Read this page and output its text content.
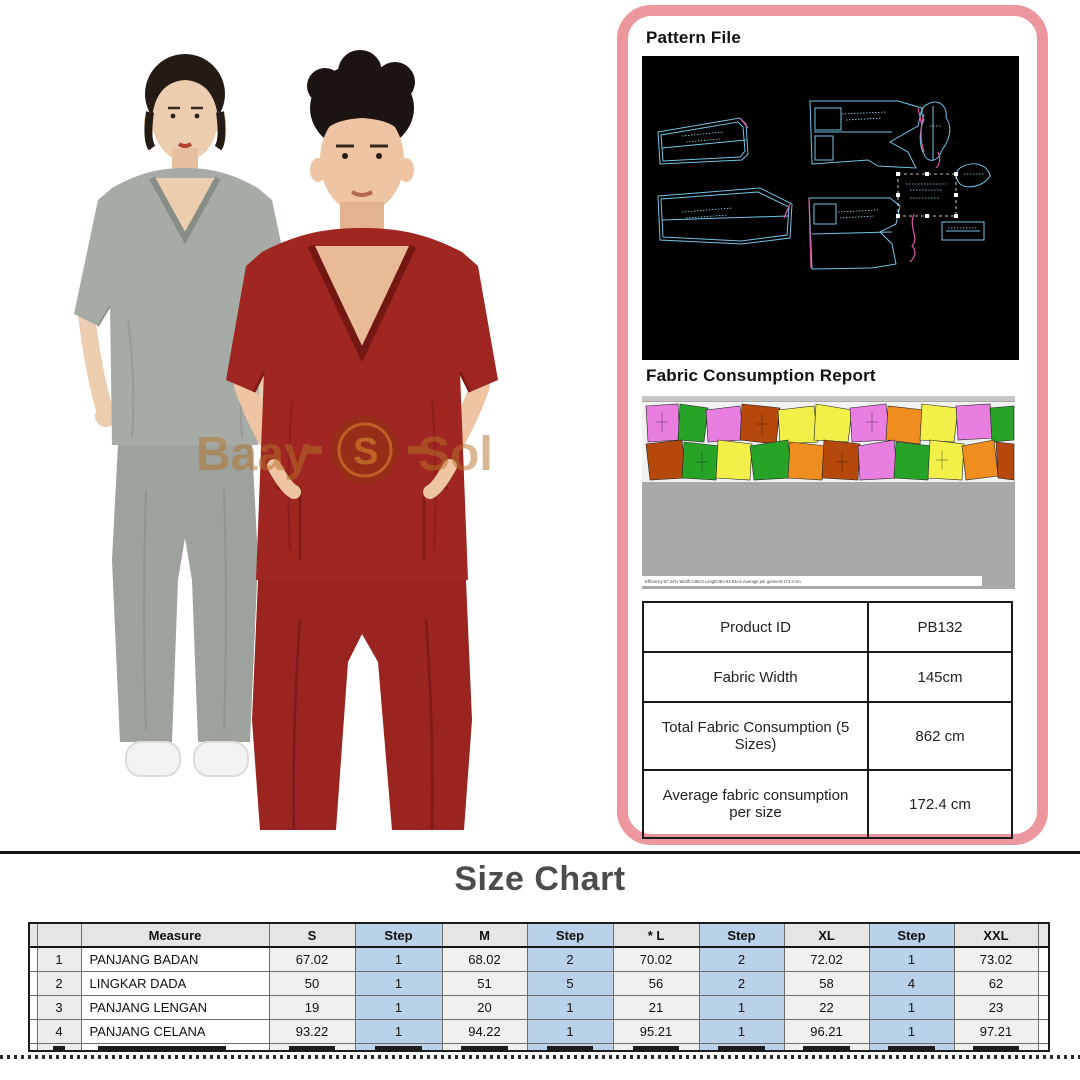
Baay S Sol
Pattern File
Fabric Consumption Report
Efficiency:87.24% Width:145cm Length:8m 62.04cm Average per garment:172.4 cm
Product ID	PB132
Fabric Width	145cm
Total Fabric Consumption (5 Sizes)	862 cm
Average fabric consumption per size	172.4 cm
Size Chart
		Measure	S	Step	M	Step	* L	Step	XL	Step	XXL	
	1	PANJANG BADAN	67.02	1	68.02	2	70.02	2	72.02	1	73.02	
	2	LINGKAR DADA	50	1	51	5	56	2	58	4	62	
	3	PANJANG LENGAN	19	1	20	1	21	1	22	1	23	
	4	PANJANG CELANA	93.22	1	94.22	1	95.21	1	96.21	1	97.21	
